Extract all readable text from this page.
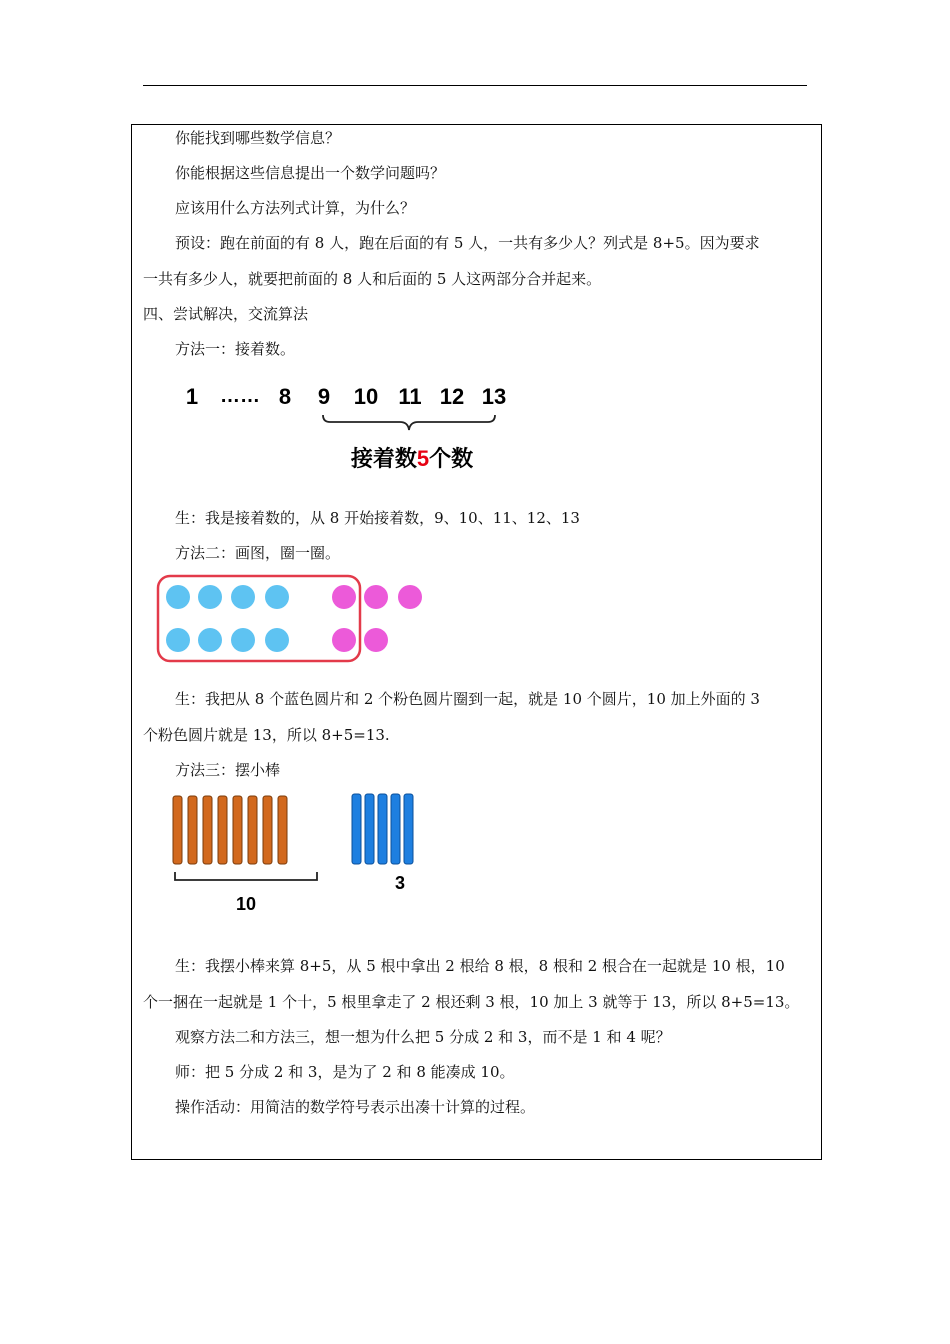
你能找到哪些数学信息？
你能根据这些信息提出一个数学问题吗？
应该用什么方法列式计算，为什么？
预设：跑在前面的有 8 人，跑在后面的有 5 人，一共有多少人？列式是 8+5。因为要求
一共有多少人，就要把前面的 8 人和后面的 5 人这两部分合并起来。
四、尝试解决，交流算法
方法一：接着数。
1 …… 8 9 10 11 12 13
接着数5个数
生：我是接着数的，从 8 开始接着数，9、10、11、12、13
方法二：画图，圈一圈。
生：我把从 8 个蓝色圆片和 2 个粉色圆片圈到一起，就是 10 个圆片，10 加上外面的 3
个粉色圆片就是 13，所以 8+5=13.
方法三：摆小棒
10
3
生：我摆小棒来算 8+5，从 5 根中拿出 2 根给 8 根，8 根和 2 根合在一起就是 10 根，10
个一捆在一起就是 1 个十，5 根里拿走了 2 根还剩 3 根，10 加上 3 就等于 13，所以 8+5=13。
观察方法二和方法三，想一想为什么把 5 分成 2 和 3，而不是 1 和 4 呢？
师：把 5 分成 2 和 3，是为了 2 和 8 能凑成 10。
操作活动：用简洁的数学符号表示出凑十计算的过程。
